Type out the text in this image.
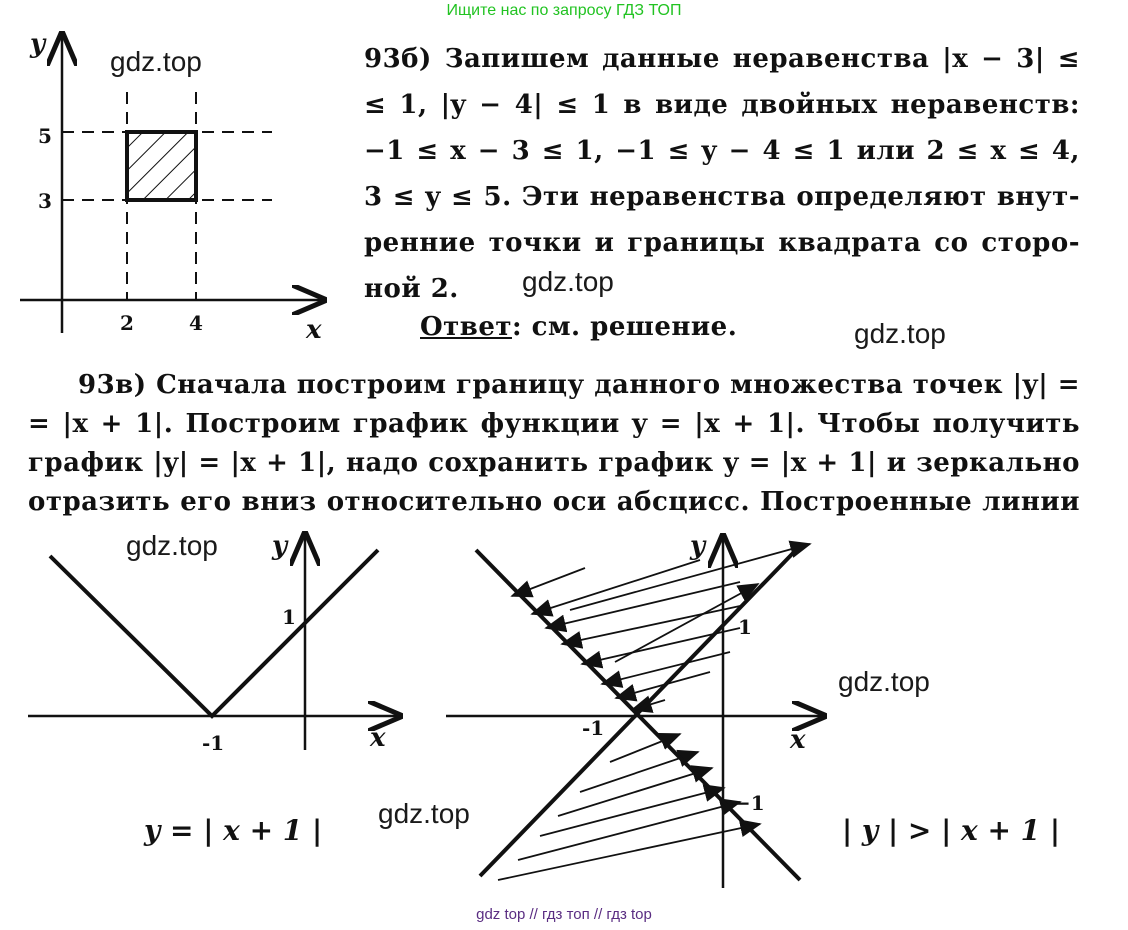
Ищите нас по запросу ГДЗ ТОП
y
x
5
3
2	4
gdz.top	93б) Запишем данные неравенства |x − 3| ≤
≤ 1, |y − 4| ≤ 1 в виде двойных неравенств:
−1 ≤ x − 3 ≤ 1, −1 ≤ y − 4 ≤ 1 или 2 ≤ x ≤ 4,
3 ≤ y ≤ 5. Эти неравенства определяют внут-
ренние точки и границы квадрата со сторо-
ной 2.	gdz.top
Ответ: см. решение.	gdz.top
93в) Сначала построим границу данного множества точек |y| =
= |x + 1|. Построим график функции y = |x + 1|. Чтобы получить
график |y| = |x + 1|, надо сохранить график y = |x + 1| и зеркально
отразить его вниз относительно оси абсцисс. Построенные линии
y
x
1
-1
gdz.top
y = | x + 1 |
y
x
1
-1
−1
gdz.top
gdz.top
| y | > | x + 1 |
gdz top // гдз топ // гдз top
